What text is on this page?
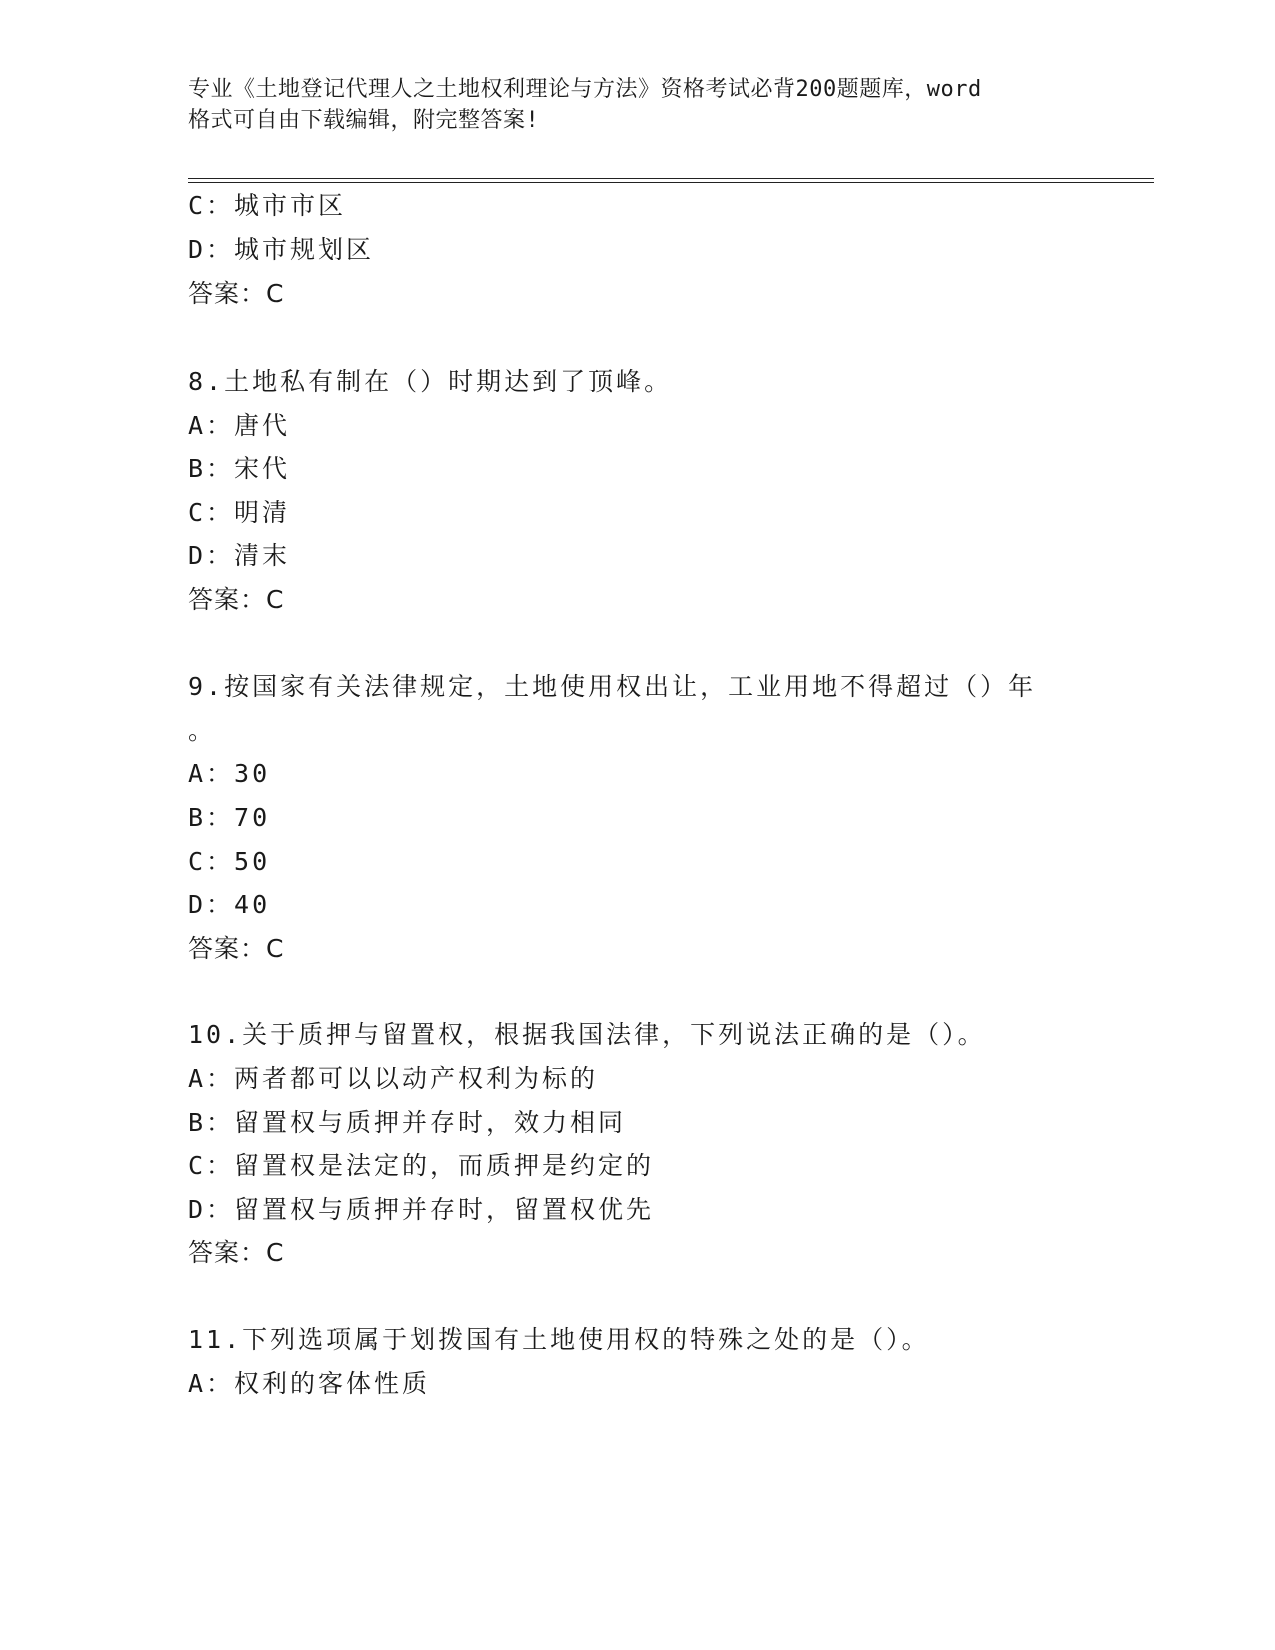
专业《土地登记代理人之土地权利理论与方法》资格考试必背200题题库，word
格式可自由下载编辑，附完整答案!
C：城市市区
D：城市规划区
答案：C
8.土地私有制在（）时期达到了顶峰。
A：唐代
B：宋代
C：明清
D：清末
答案：C
9.按国家有关法律规定，土地使用权出让，工业用地不得超过（）年
。
A：30
B：70
C：50
D：40
答案：C
10.关于质押与留置权，根据我国法律，下列说法正确的是（）。
A：两者都可以以动产权利为标的
B：留置权与质押并存时，效力相同
C：留置权是法定的，而质押是约定的
D：留置权与质押并存时，留置权优先
答案：C
11.下列选项属于划拨国有土地使用权的特殊之处的是（）。
A：权利的客体性质
